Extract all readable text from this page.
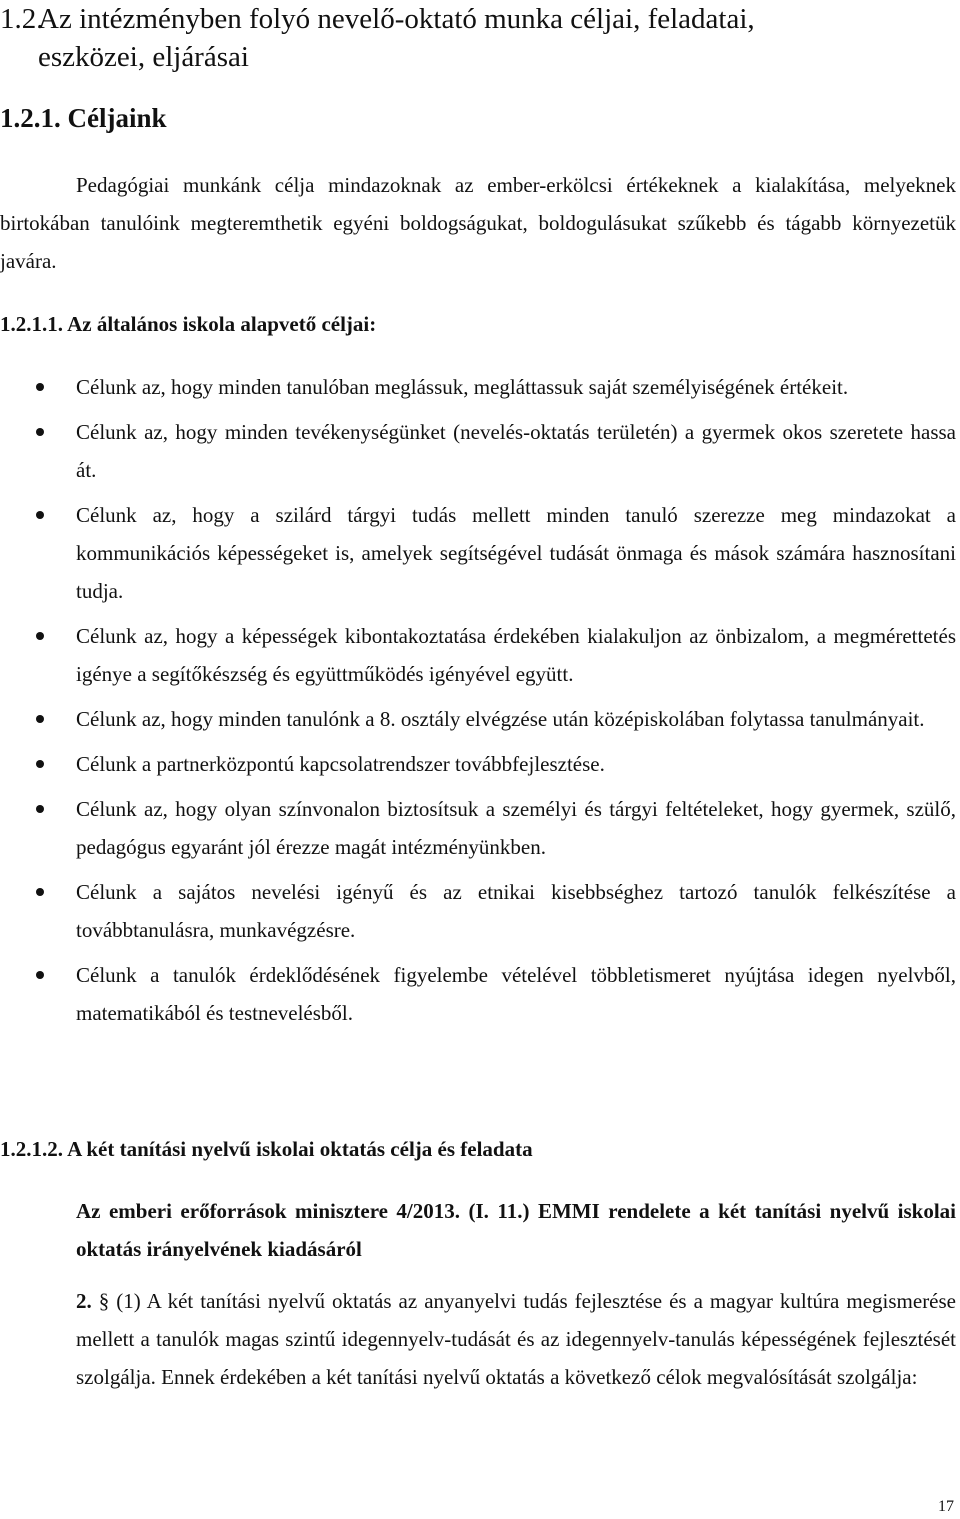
1.2.Az intézményben folyó nevelő-oktató munka céljai, feladatai,
eszközei, eljárásai
1.2.1. Céljaink

Pedagógiai munkánk célja mindazoknak az ember-erkölcsi értékeknek a kialakítása, melyeknek birtokában tanulóink megteremthetik egyéni boldogságukat, boldogulásukat szűkebb és tágabb környezetük javára.

1.2.1.1. Az általános iskola alapvető céljai:
Célunk az, hogy minden tanulóban meglássuk, megláttassuk saját személyiségének értékeit.
Célunk az, hogy minden tevékenységünket (nevelés-oktatás területén) a gyermek okos szeretete hassa át.
Célunk az, hogy a szilárd tárgyi tudás mellett minden tanuló szerezze meg mindazokat a kommunikációs képességeket is, amelyek segítségével tudását önmaga és mások számára hasznosítani tudja.
Célunk az, hogy a képességek kibontakoztatása érdekében kialakuljon az önbizalom, a megmérettetés igénye a segítőkészség és együttműködés igényével együtt.
Célunk az, hogy minden tanulónk a 8. osztály elvégzése után középiskolában folytassa tanulmányait.
Célunk a partnerközpontú kapcsolatrendszer továbbfejlesztése.
Célunk az, hogy olyan színvonalon biztosítsuk a személyi és tárgyi feltételeket, hogy gyermek, szülő, pedagógus egyaránt jól érezze magát intézményünkben.
Célunk a sajátos nevelési igényű és az etnikai kisebbséghez tartozó tanulók felkészítése a továbbtanulásra, munkavégzésre.
Célunk a tanulók érdeklődésének figyelembe vételével többletismeret nyújtása idegen nyelvből, matematikából és testnevelésből.
1.2.1.2. A két tanítási nyelvű iskolai oktatás célja és feladata

Az emberi erőforrások minisztere 4/2013. (I. 11.) EMMI rendelete a két tanítási nyelvű iskolai oktatás irányelvének kiadásáról

2. § (1) A két tanítási nyelvű oktatás az anyanyelvi tudás fejlesztése és a magyar kultúra megismerése mellett a tanulók magas szintű idegennyelv-tudását és az idegennyelv-tanulás képességének fejlesztését szolgálja. Ennek érdekében a két tanítási nyelvű oktatás a következő célok megvalósítását szolgálja:

17
